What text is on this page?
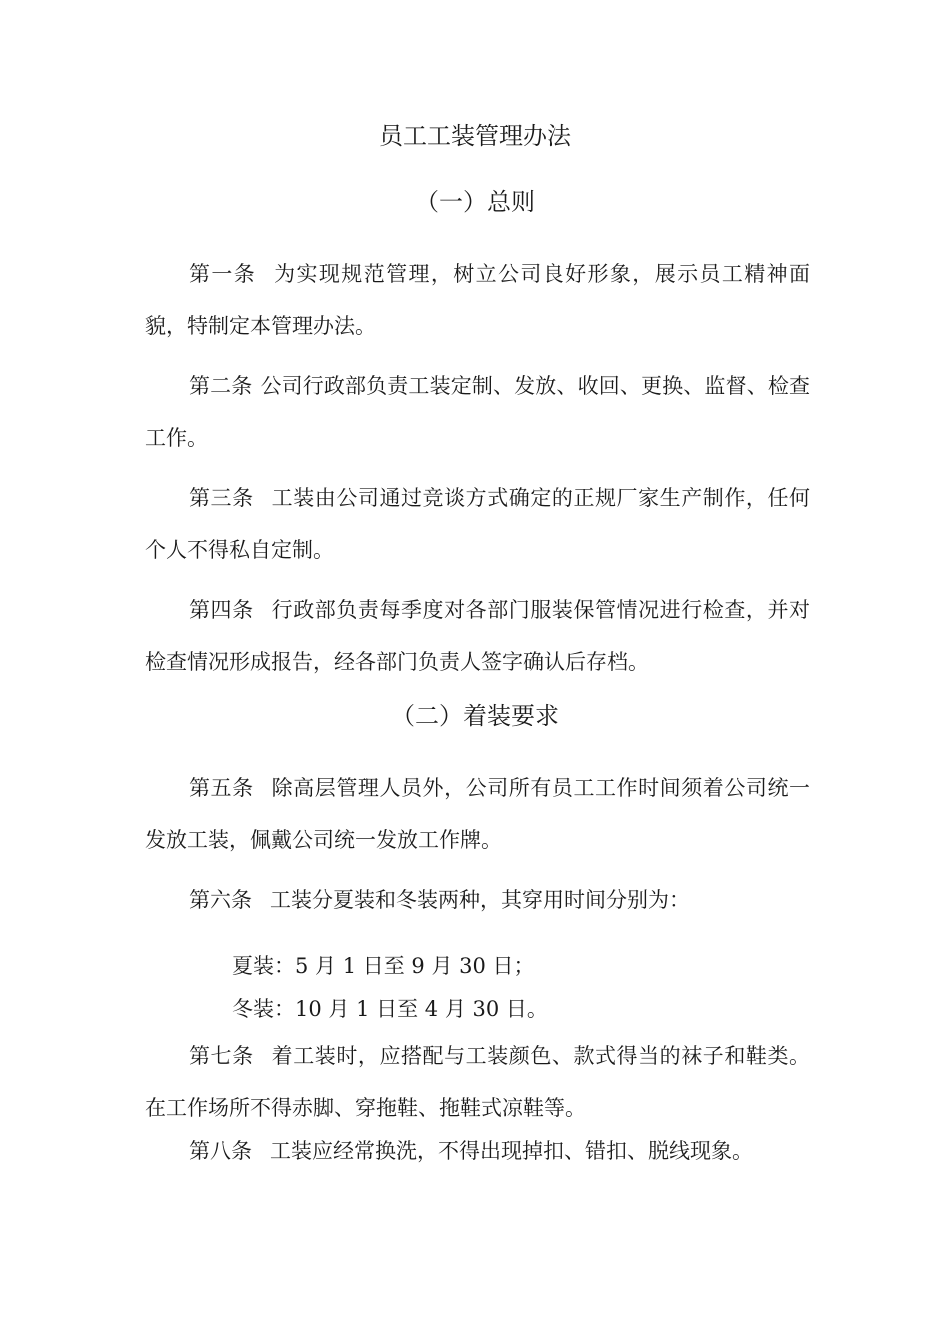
员工工装管理办法
（一）总则
第一条 为实现规范管理，树立公司良好形象，展示员工精神面貌，特制定本管理办法。
第二条 公司行政部负责工装定制、发放、收回、更换、监督、检查工作。
第三条 工装由公司通过竞谈方式确定的正规厂家生产制作，任何个人不得私自定制。
第四条 行政部负责每季度对各部门服装保管情况进行检查，并对检查情况形成报告，经各部门负责人签字确认后存档。
（二）着装要求
第五条 除高层管理人员外，公司所有员工工作时间须着公司统一发放工装，佩戴公司统一发放工作牌。
第六条 工装分夏装和冬装两种，其穿用时间分别为：
夏装：5 月 1 日至 9 月 30 日；
冬装：10 月 1 日至 4 月 30 日。
第七条 着工装时，应搭配与工装颜色、款式得当的袜子和鞋类。在工作场所不得赤脚、穿拖鞋、拖鞋式凉鞋等。
第八条 工装应经常换洗，不得出现掉扣、错扣、脱线现象。
